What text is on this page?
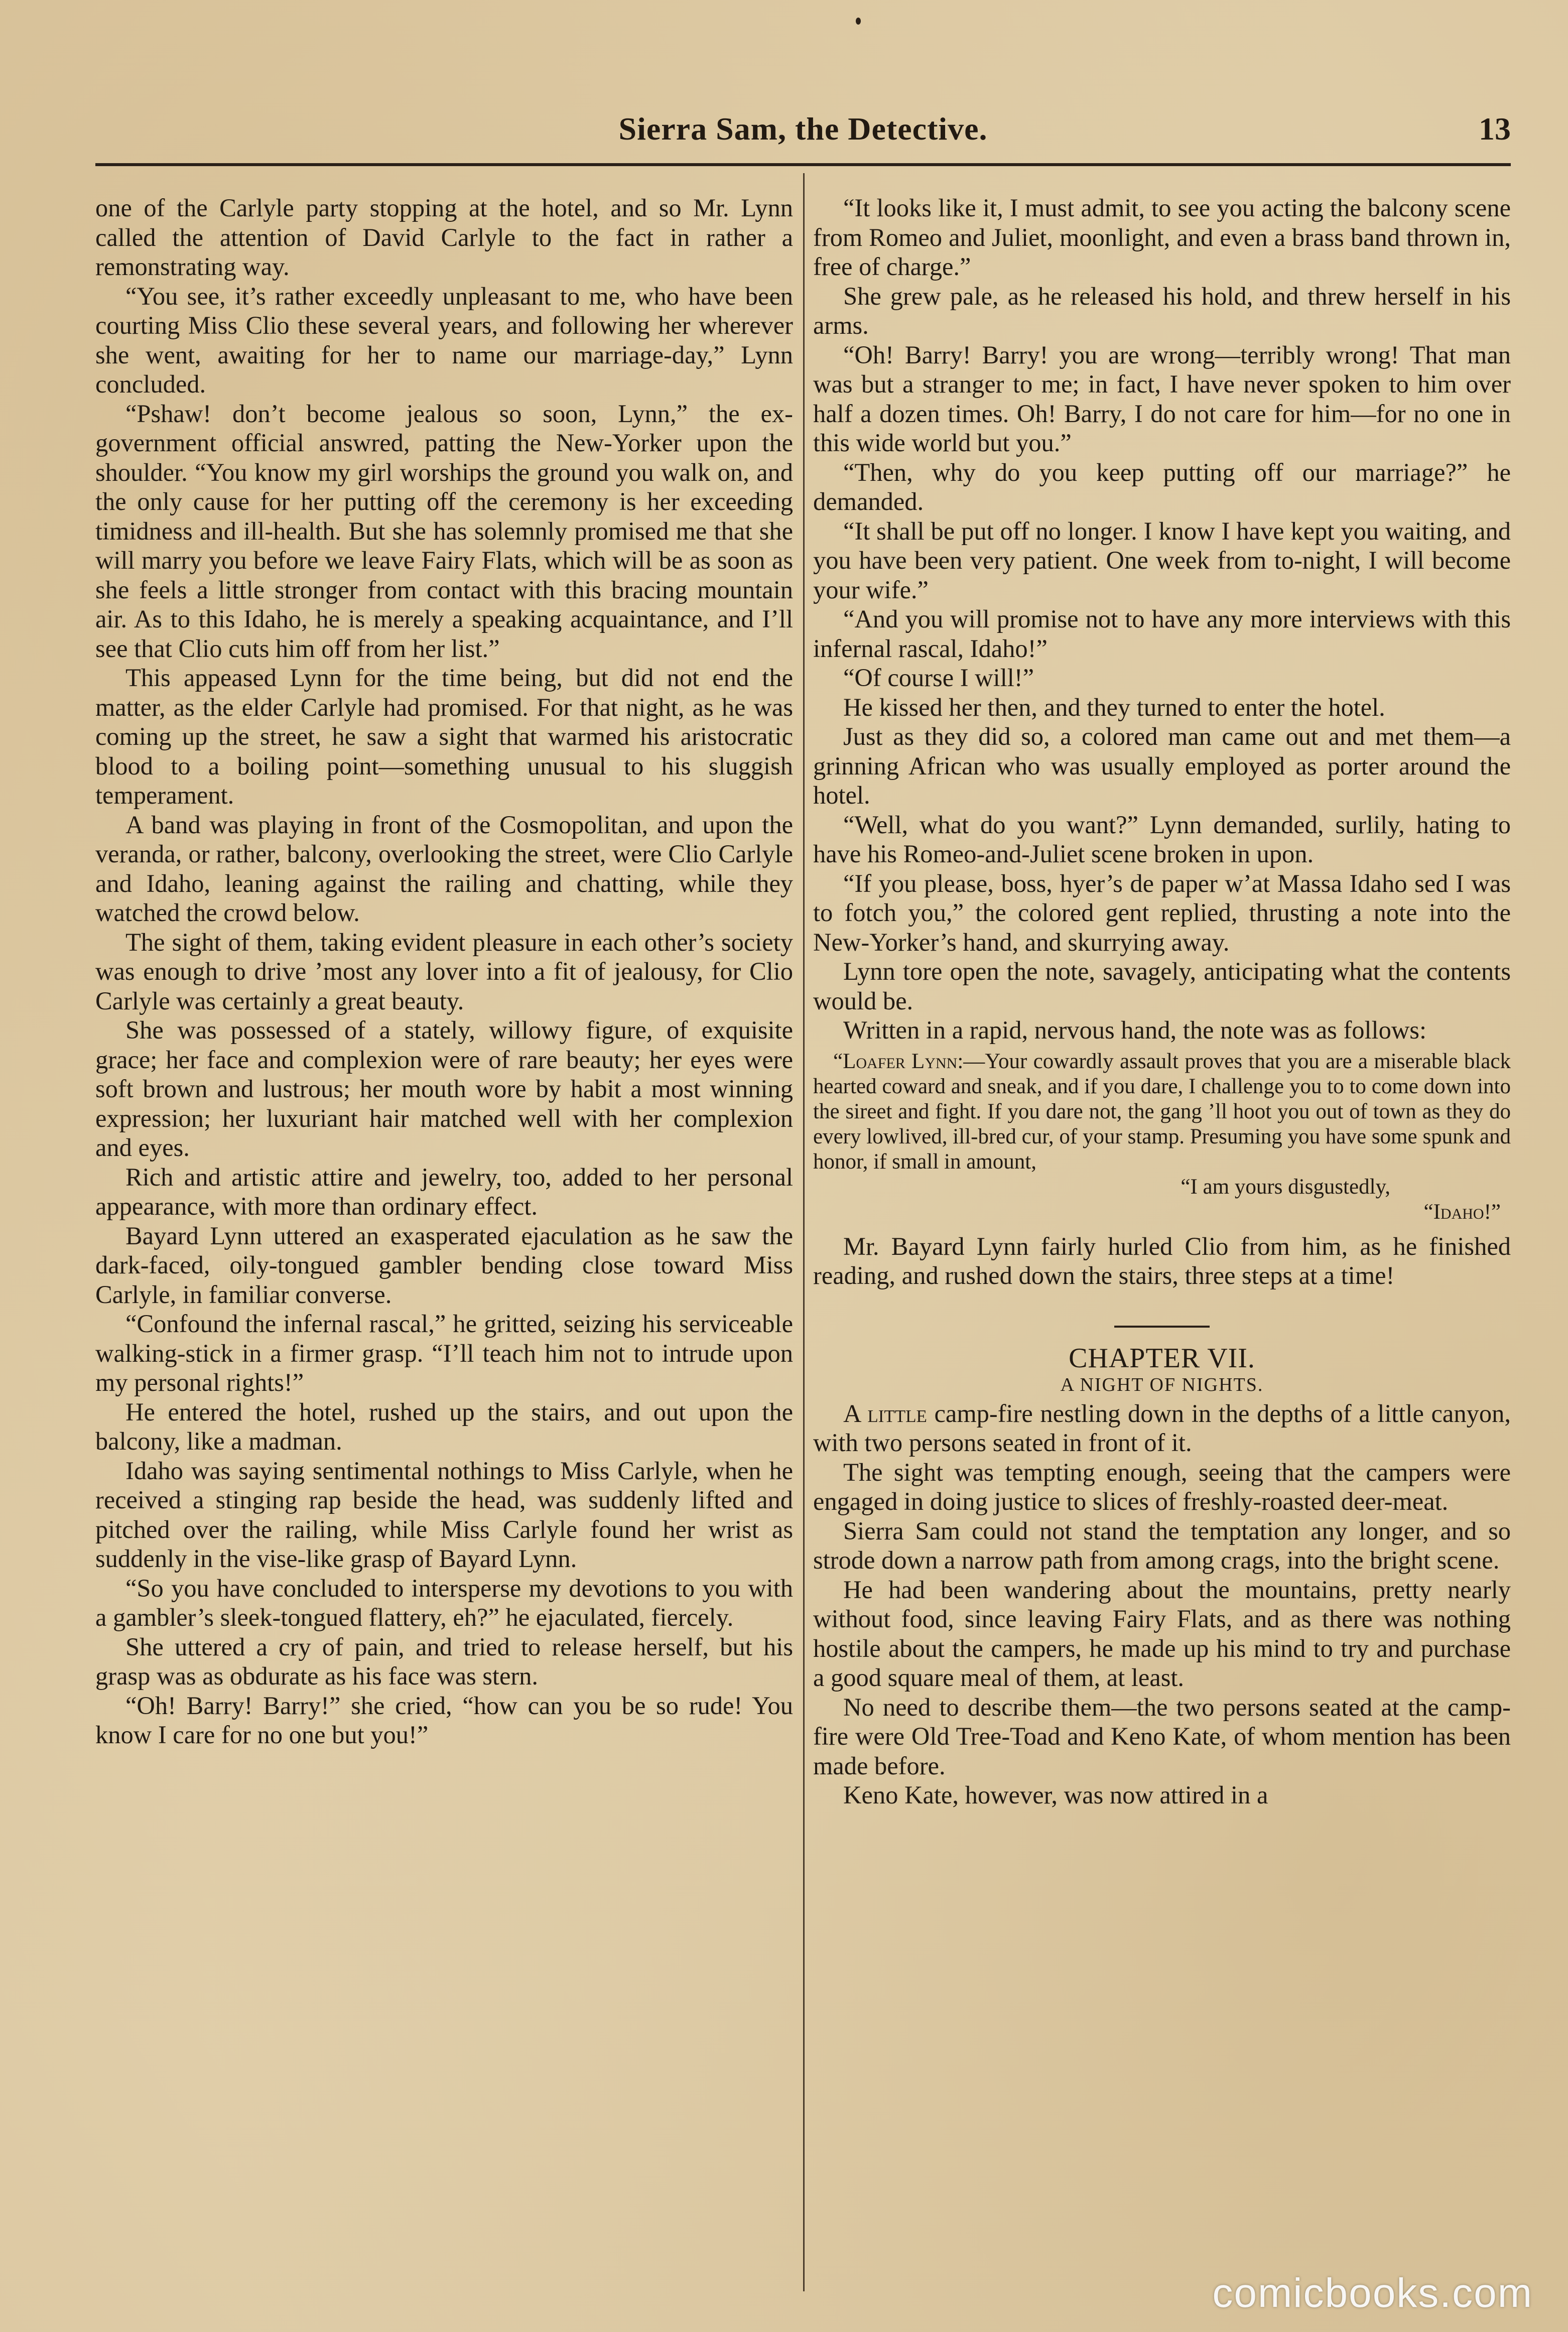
Sierra Sam, the Detective.	13

one of the Carlyle party stopping at the hotel, and so Mr. Lynn called the attention of David Carlyle to the fact in rather a remonstrating way.

“You see, it’s rather exceedly unpleasant to me, who have been courting Miss Clio these several years, and following her wherever she went, awaiting for her to name our marriage-day,” Lynn concluded.

“Pshaw! don’t become jealous so soon, Lynn,” the ex-government official answred, patting the New-Yorker upon the shoulder. “You know my girl worships the ground you walk on, and the only cause for her putting off the ceremony is her exceeding timidness and ill-health. But she has solemnly promised me that she will marry you before we leave Fairy Flats, which will be as soon as she feels a little stronger from contact with this bracing mountain air. As to this Idaho, he is merely a speaking acquaintance, and I’ll see that Clio cuts him off from her list.”

This appeased Lynn for the time being, but did not end the matter, as the elder Carlyle had promised. For that night, as he was coming up the street, he saw a sight that warmed his aristocratic blood to a boiling point—something unusual to his sluggish temperament.

A band was playing in front of the Cosmopolitan, and upon the veranda, or rather, balcony, overlooking the street, were Clio Carlyle and Idaho, leaning against the railing and chatting, while they watched the crowd below.

The sight of them, taking evident pleasure in each other’s society was enough to drive ’most any lover into a fit of jealousy, for Clio Carlyle was certainly a great beauty.

She was possessed of a stately, willowy figure, of exquisite grace; her face and complexion were of rare beauty; her eyes were soft brown and lustrous; her mouth wore by habit a most winning expression; her luxuriant hair matched well with her complexion and eyes.

Rich and artistic attire and jewelry, too, added to her personal appearance, with more than ordinary effect.

Bayard Lynn uttered an exasperated ejaculation as he saw the dark-faced, oily-tongued gambler bending close toward Miss Carlyle, in familiar converse.

“Confound the infernal rascal,” he gritted, seizing his serviceable walking-stick in a firmer grasp. “I’ll teach him not to intrude upon my personal rights!”

He entered the hotel, rushed up the stairs, and out upon the balcony, like a madman.

Idaho was saying sentimental nothings to Miss Carlyle, when he received a stinging rap beside the head, was suddenly lifted and pitched over the railing, while Miss Carlyle found her wrist as suddenly in the vise-like grasp of Bayard Lynn.

“So you have concluded to intersperse my devotions to you with a gambler’s sleek-tongued flattery, eh?” he ejaculated, fiercely.

She uttered a cry of pain, and tried to release herself, but his grasp was as obdurate as his face was stern.

“Oh! Barry! Barry!” she cried, “how can you be so rude! You know I care for no one but you!”

“It looks like it, I must admit, to see you acting the balcony scene from Romeo and Juliet, moonlight, and even a brass band thrown in, free of charge.”

She grew pale, as he released his hold, and threw herself in his arms.

“Oh! Barry! Barry! you are wrong—terribly wrong! That man was but a stranger to me; in fact, I have never spoken to him over half a dozen times. Oh! Barry, I do not care for him—for no one in this wide world but you.”

“Then, why do you keep putting off our marriage?” he demanded.

“It shall be put off no longer. I know I have kept you waiting, and you have been very patient. One week from to-night, I will become your wife.”

“And you will promise not to have any more interviews with this infernal rascal, Idaho!”

“Of course I will!”

He kissed her then, and they turned to enter the hotel.

Just as they did so, a colored man came out and met them—a grinning African who was usually employed as porter around the hotel.

“Well, what do you want?” Lynn demanded, surlily, hating to have his Romeo-and-Juliet scene broken in upon.

“If you please, boss, hyer’s de paper w’at Massa Idaho sed I was to fotch you,” the colored gent replied, thrusting a note into the New-Yorker’s hand, and skurrying away.

Lynn tore open the note, savagely, anticipating what the contents would be.

Written in a rapid, nervous hand, the note was as follows:

“Loafer Lynn:—Your cowardly assault proves that you are a miserable black hearted coward and sneak, and if you dare, I challenge you to to come down into the sireet and fight. If you dare not, the gang ’ll hoot you out of town as they do every lowlived, ill-bred cur, of your stamp. Presuming you have some spunk and honor, if small in amount,

“I am yours disgustedly,

“Idaho!”

Mr. Bayard Lynn fairly hurled Clio from him, as he finished reading, and rushed down the stairs, three steps at a time!

CHAPTER VII.

A NIGHT OF NIGHTS.

A little camp-fire nestling down in the depths of a little canyon, with two persons seated in front of it.

The sight was tempting enough, seeing that the campers were engaged in doing justice to slices of freshly-roasted deer-meat.

Sierra Sam could not stand the temptation any longer, and so strode down a narrow path from among crags, into the bright scene.

He had been wandering about the mountains, pretty nearly without food, since leaving Fairy Flats, and as there was nothing hostile about the campers, he made up his mind to try and purchase a good square meal of them, at least.

No need to describe them—the two persons seated at the camp-fire were Old Tree-Toad and Keno Kate, of whom mention has been made before.

Keno Kate, however, was now attired in a

comicbooks.com
